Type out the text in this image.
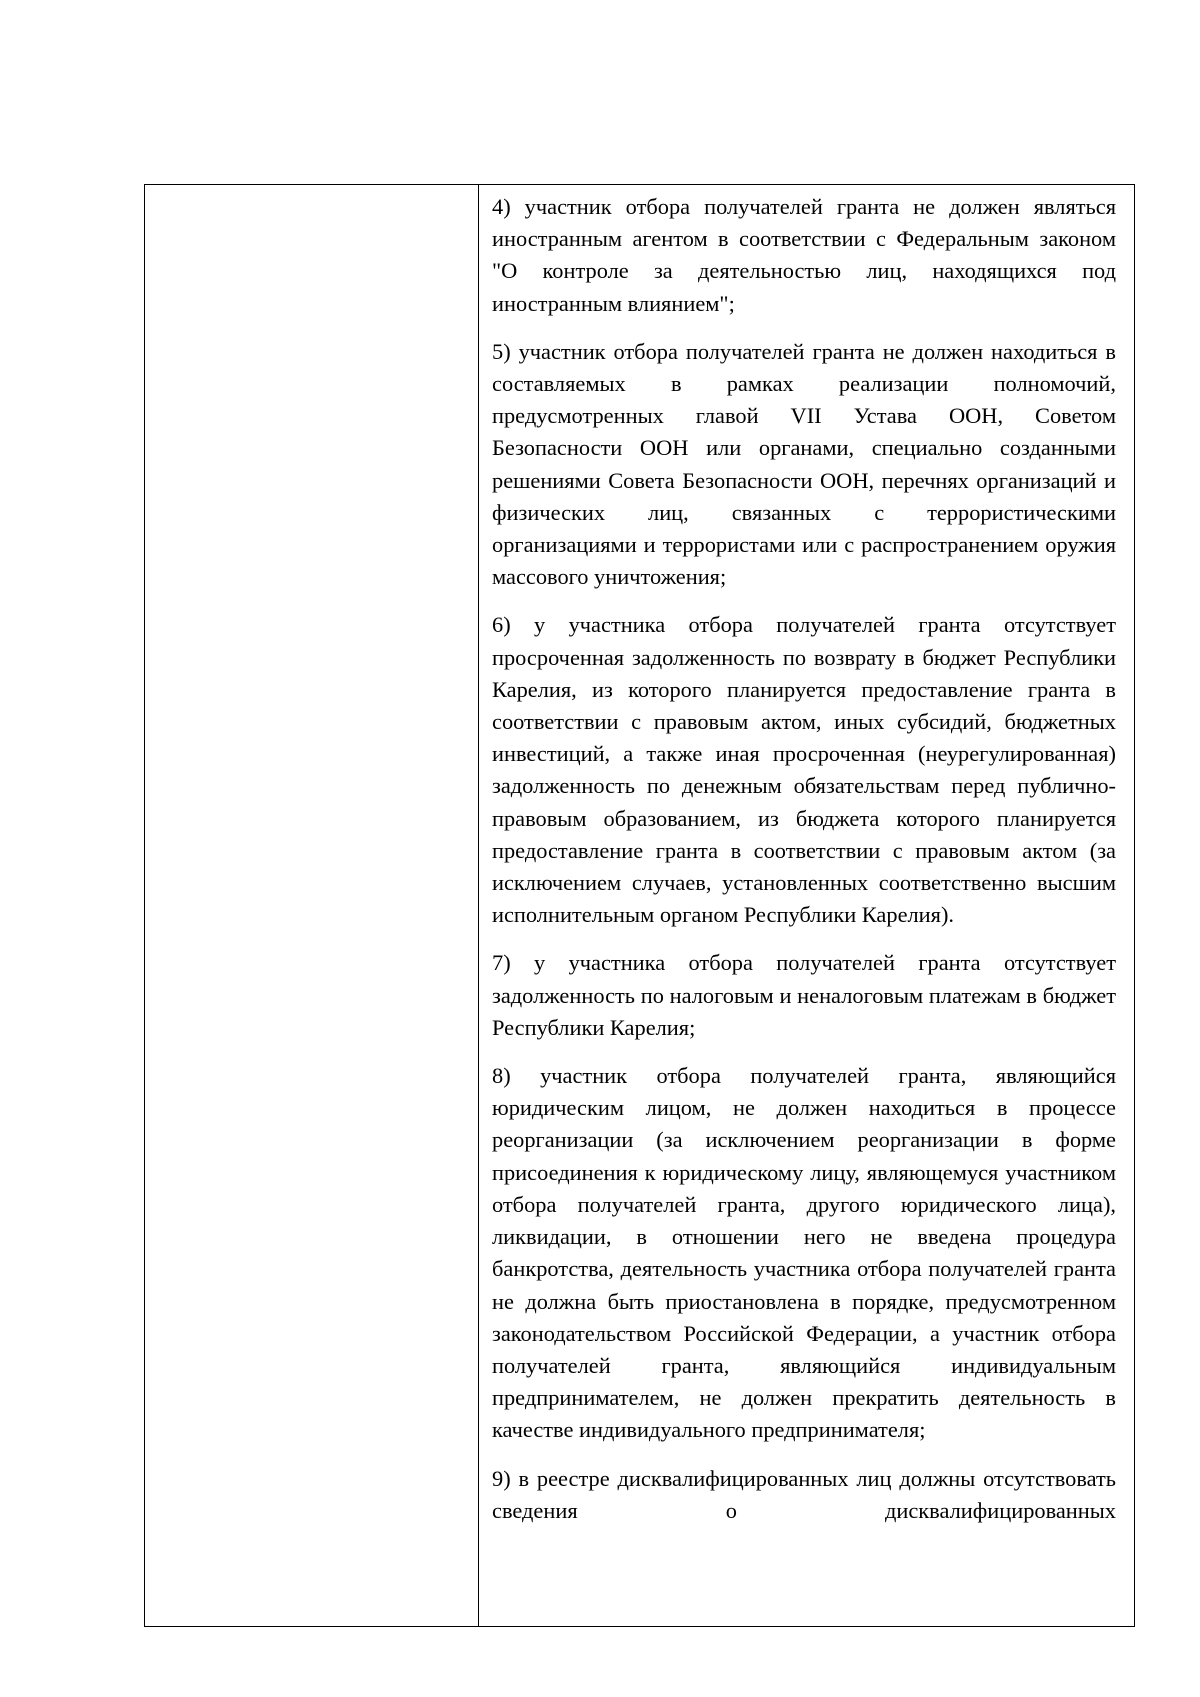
4) участник отбора получателей гранта не должен являться иностранным агентом в соответствии с Федеральным законом "О контроле за деятельностью лиц, находящихся под иностранным влиянием";

5) участник отбора получателей гранта не должен находиться в составляемых в рамках реализации полномочий, предусмотренных главой VII Устава ООН, Советом Безопасности ООН или органами, специально созданными решениями Совета Безопасности ООН, перечнях организаций и физических лиц, связанных с террористическими организациями и террористами или с распространением оружия массового уничтожения;

6) у участника отбора получателей гранта отсутствует просроченная задолженность по возврату в бюджет Республики Карелия, из которого планируется предоставление гранта в соответствии с правовым актом, иных субсидий, бюджетных инвестиций, а также иная просроченная (неурегулированная) задолженность по денежным обязательствам перед публично-правовым образованием, из бюджета которого планируется предоставление гранта в соответствии с правовым актом (за исключением случаев, установленных соответственно высшим исполнительным органом Республики Карелия).

7) у участника отбора получателей гранта отсутствует задолженность по налоговым и неналоговым платежам в бюджет Республики Карелия;

8) участник отбора получателей гранта, являющийся юридическим лицом, не должен находиться в процессе реорганизации (за исключением реорганизации в форме присоединения к юридическому лицу, являющемуся участником отбора получателей гранта, другого юридического лица), ликвидации, в отношении него не введена процедура банкротства, деятельность участника отбора получателей гранта не должна быть приостановлена в порядке, предусмотренном законодательством Российской Федерации, а участник отбора получателей гранта, являющийся индивидуальным предпринимателем, не должен прекратить деятельность в качестве индивидуального предпринимателя;

9) в реестре дисквалифицированных лиц должны отсутствовать сведения о дисквалифицированных
